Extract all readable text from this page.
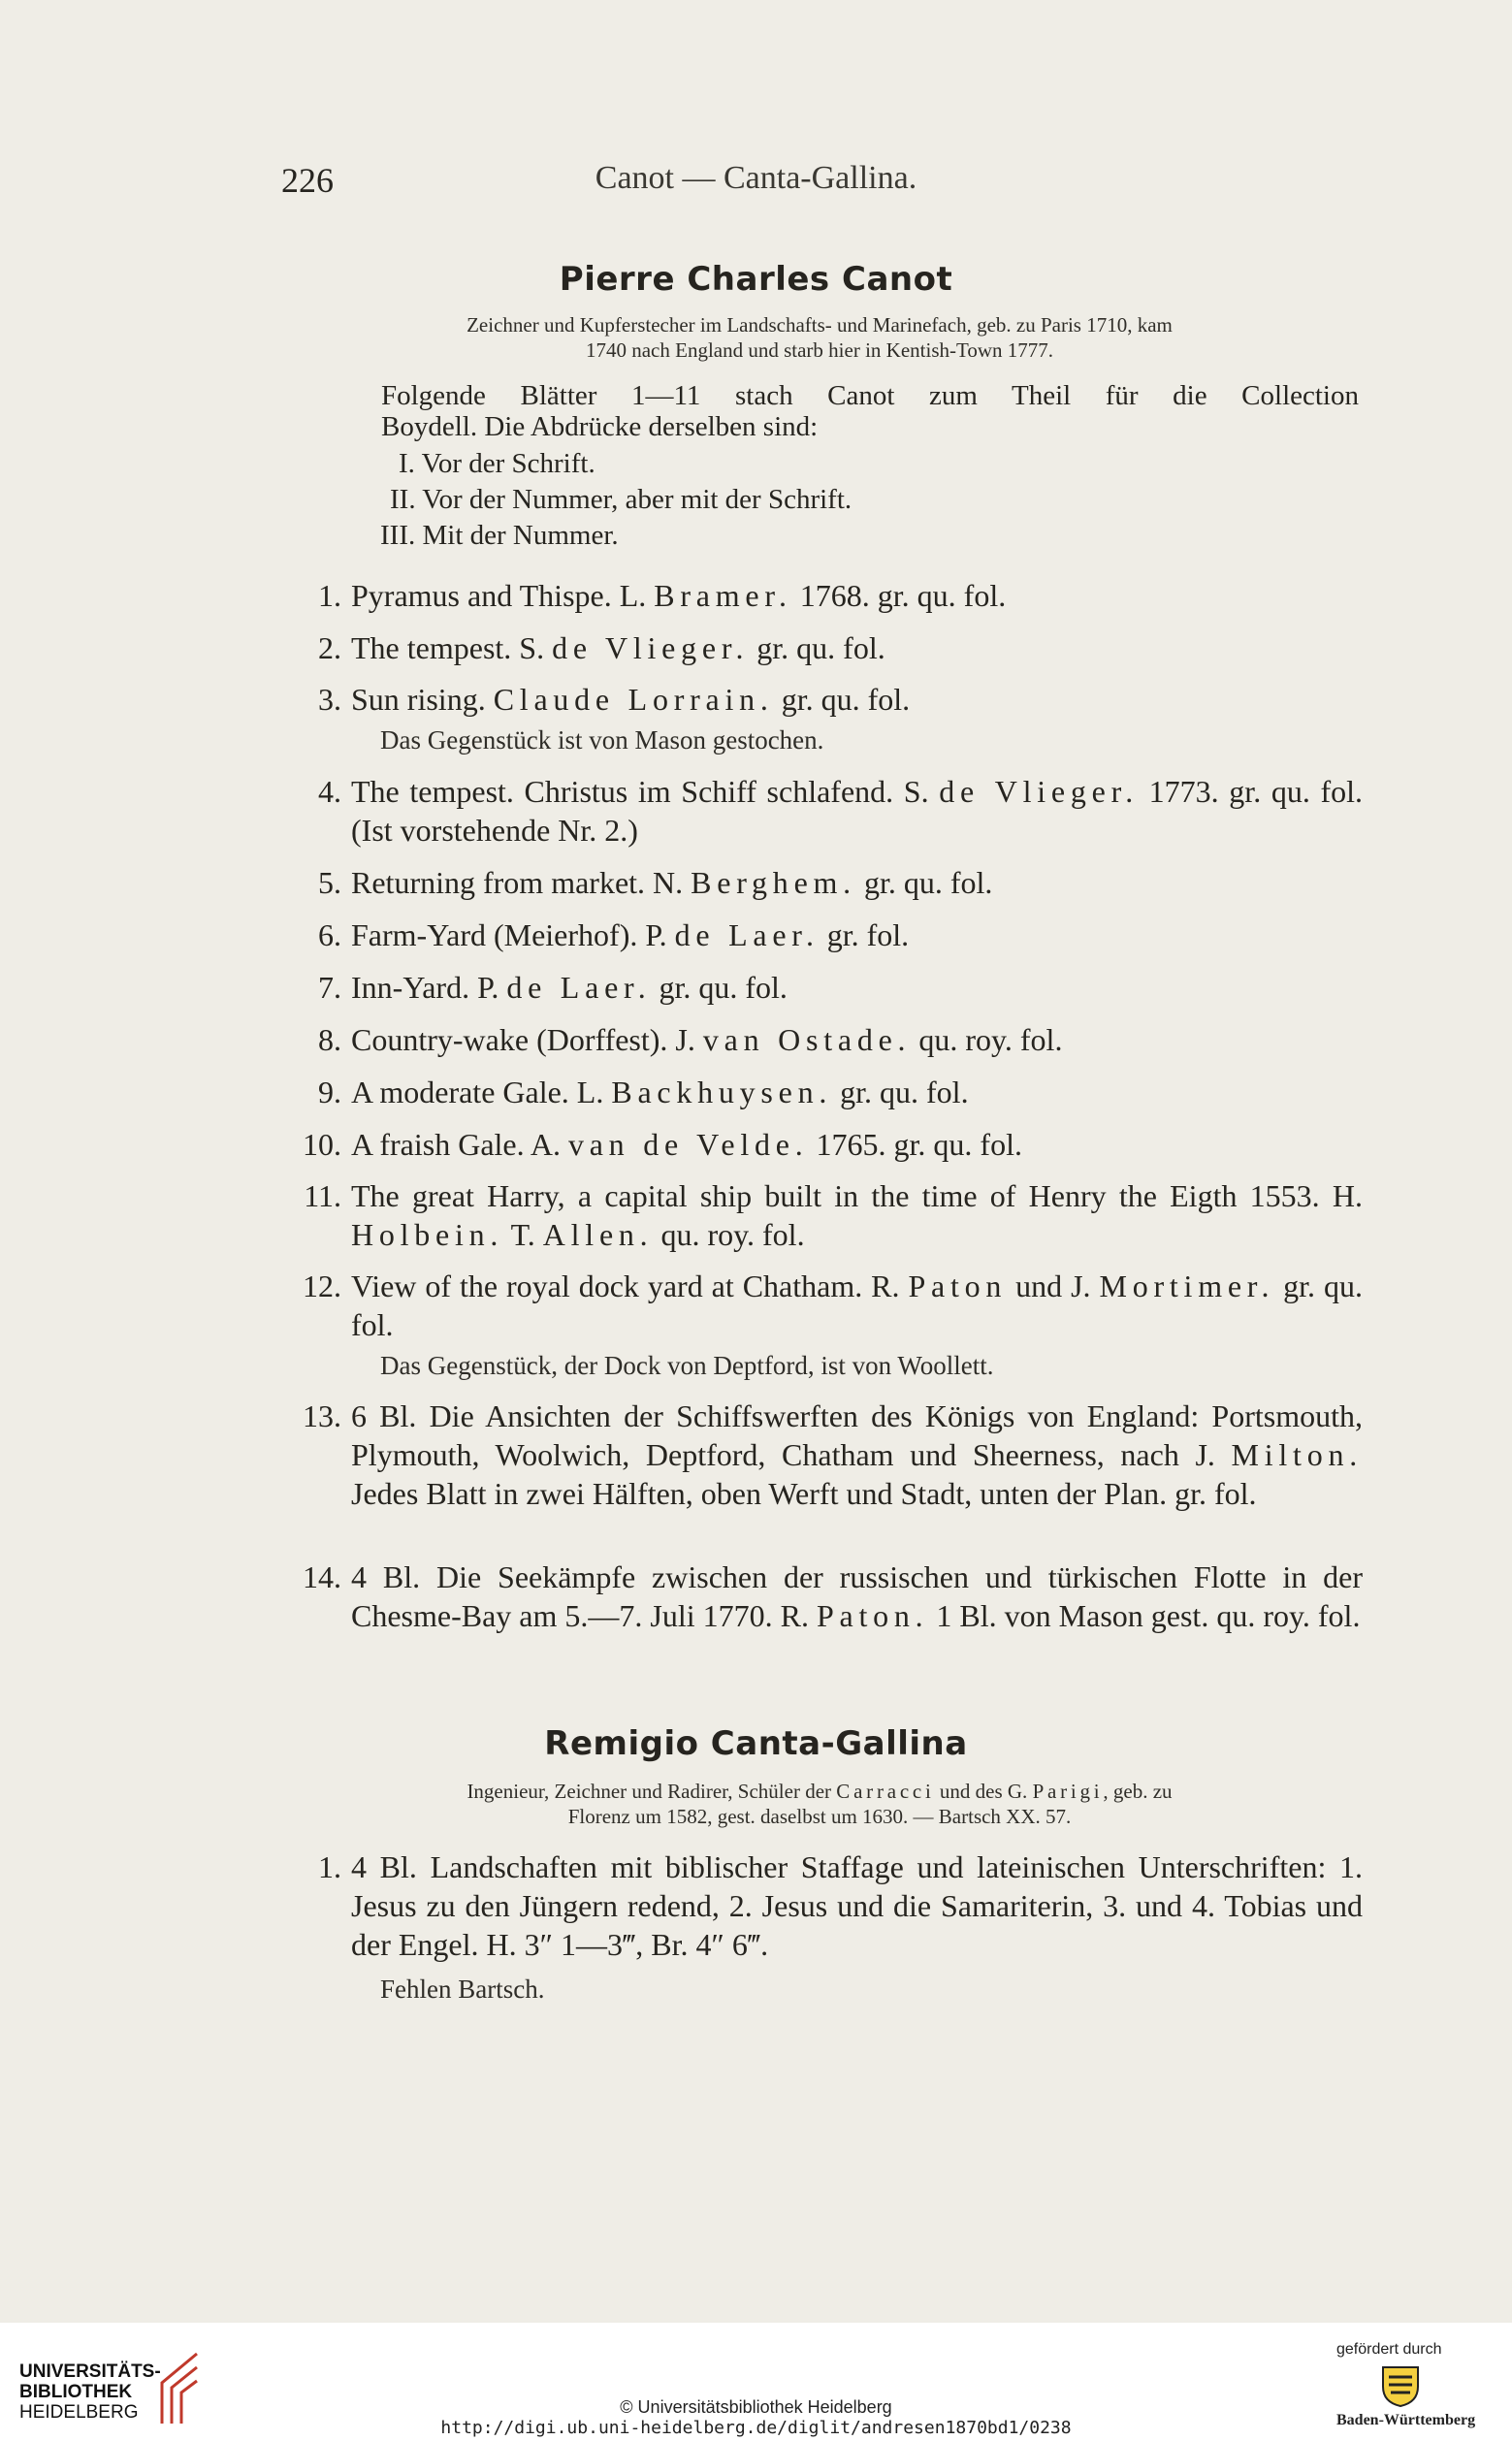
226	Canot — Canta-Gallina.
Pierre Charles Canot
Zeichner und Kupferstecher im Landschafts- und Marinefach, geb. zu Paris 1710, kam
1740 nach England und starb hier in Kentish-Town 1777.
Folgende Blätter 1—11 stach Canot zum Theil für die Collection
Boydell. Die Abdrücke derselben sind:
I. Vor der Schrift.
II. Vor der Nummer, aber mit der Schrift.
III. Mit der Nummer.
1. Pyramus and Thispe. L. Bramer. 1768. gr. qu. fol.
2. The tempest. S. de Vlieger. gr. qu. fol.
3. Sun rising. Claude Lorrain. gr. qu. fol.
Das Gegenstück ist von Mason gestochen.
4. The tempest. Christus im Schiff schlafend. S. de Vlieger. 1773. gr. qu. fol. (Ist vorstehende Nr. 2.)
5. Returning from market. N. Berghem. gr. qu. fol.
6. Farm-Yard (Meierhof). P. de Laer. gr. fol.
7. Inn-Yard. P. de Laer. gr. qu. fol.
8. Country-wake (Dorffest). J. van Ostade. qu. roy. fol.
9. A moderate Gale. L. Backhuysen. gr. qu. fol.
10. A fraish Gale. A. van de Velde. 1765. gr. qu. fol.
11. The great Harry, a capital ship built in the time of Henry the Eigth 1553. H. Holbein. T. Allen. qu. roy. fol.
12. View of the royal dock yard at Chatham. R. Paton und J. Mortimer. gr. qu. fol.
Das Gegenstück, der Dock von Deptford, ist von Woollett.
13. 6 Bl. Die Ansichten der Schiffswerften des Königs von England: Portsmouth, Plymouth, Woolwich, Deptford, Chatham und Sheerness, nach J. Milton. Jedes Blatt in zwei Hälften, oben Werft und Stadt, unten der Plan. gr. fol.
14. 4 Bl. Die Seekämpfe zwischen der russischen und türkischen Flotte in der Chesme-Bay am 5.—7. Juli 1770. R. Paton. 1 Bl. von Mason gest. qu. roy. fol.
Remigio Canta-Gallina
Ingenieur, Zeichner und Radirer, Schüler der Carracci und des G. Parigi, geb. zu
Florenz um 1582, gest. daselbst um 1630. — Bartsch XX. 57.
1. 4 Bl. Landschaften mit biblischer Staffage und lateinischen Unterschriften: 1. Jesus zu den Jüngern redend, 2. Jesus und die Samariterin, 3. und 4. Tobias und der Engel. H. 3″ 1—3‴, Br. 4″ 6‴.
Fehlen Bartsch.
UNIVERSITÄTS-
BIBLIOTHEK
HEIDELBERG	© Universitätsbibliothek Heidelberg
http://digi.ub.uni-heidelberg.de/diglit/andresen1870bd1/0238
gefördert durch
Baden-Württemberg
